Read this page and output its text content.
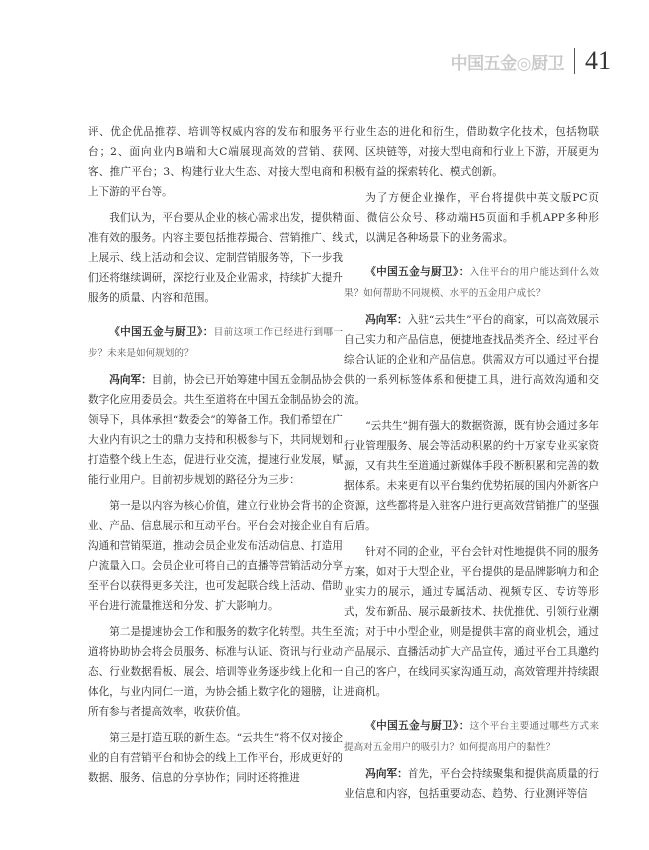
中国五金◎厨卫 41

评、优企优品推荐、培训等权威内容的发布和服务平台；2、面向业内B端和大C端展现高效的营销、获客、推广平台；3、构建行业大生态、对接大型电商和上下游的平台等。

我们认为，平台要从企业的核心需求出发，提供精准有效的服务。内容主要包括推荐撮合、营销推广、线上展示、线上活动和会议、定制营销服务等，下一步我们还将继续调研，深挖行业及企业需求，持续扩大提升服务的质量、内容和范围。

《中国五金与厨卫》：目前这项工作已经进行到哪一步？未来是如何规划的？

冯向军：目前，协会已开始筹建中国五金制品协会数字化应用委员会。共生至道将在中国五金制品协会的领导下，具体承担“数委会”的筹备工作。我们希望在广大业内有识之士的鼎力支持和积极参与下，共同规划和打造整个线上生态，促进行业交流，提速行业发展，赋能行业用户。目前初步规划的路径分为三步：

第一是以内容为核心价值，建立行业协会背书的企业、产品、信息展示和互动平台。平台会对接企业自有沟通和营销渠道，推动会员企业发布活动信息、打造用户流量入口。会员企业可将自己的直播等营销活动分享至平台以获得更多关注，也可发起联合线上活动、借助平台进行流量推送和分发、扩大影响力。

第二是提速协会工作和服务的数字化转型。共生至道将协助协会将会员服务、标准与认证、资讯与行业动态、行业数据看板、展会、培训等业务逐步线上化和一体化，与业内同仁一道，为协会插上数字化的翅膀，让所有参与者提高效率，收获价值。

第三是打造互联的新生态。“云共生”将不仅对接企业的自有营销平台和协会的线上工作平台，形成更好的数据、服务、信息的分享协作；同时还将推进

行业生态的进化和衍生，借助数字化技术，包括物联网、区块链等，对接大型电商和行业上下游，开展更为积极有益的探索转化、模式创新。

为了方便企业操作，平台将提供中英文版PC页面、微信公众号、移动端H5页面和手机APP多种形式，以满足各种场景下的业务需求。

《中国五金与厨卫》：入住平台的用户能达到什么效果？如何帮助不同规模、水平的五金用户成长？

冯向军：入驻“云共生”平台的商家，可以高效展示自己实力和产品信息，便捷地查找品类齐全、经过平台综合认证的企业和产品信息。供需双方可以通过平台提供的一系列标签体系和便捷工具，进行高效沟通和交流。

“云共生”拥有强大的数据资源，既有协会通过多年行业管理服务、展会等活动积累的约十万家专业买家资源，又有共生至道通过新媒体手段不断积累和完善的数据体系。未来更有以平台集约优势拓展的国内外新客户资源，这些都将是入驻客户进行更高效营销推广的坚强后盾。

针对不同的企业，平台会针对性地提供不同的服务方案，如对于大型企业，平台提供的是品牌影响力和企业实力的展示，通过专属活动、视频专区、专访等形式，发布新品、展示最新技术、扶优推优、引领行业潮流；对于中小型企业，则是提供丰富的商业机会，通过产品展示、直播活动扩大产品宣传，通过平台工具邀约自己的客户，在线同买家沟通互动，高效管理并持续跟进商机。

《中国五金与厨卫》：这个平台主要通过哪些方式来提高对五金用户的吸引力？如何提高用户的黏性？

冯向军：首先，平台会持续聚集和提供高质量的行业信息和内容，包括重要动态、趋势、行业测评等信
